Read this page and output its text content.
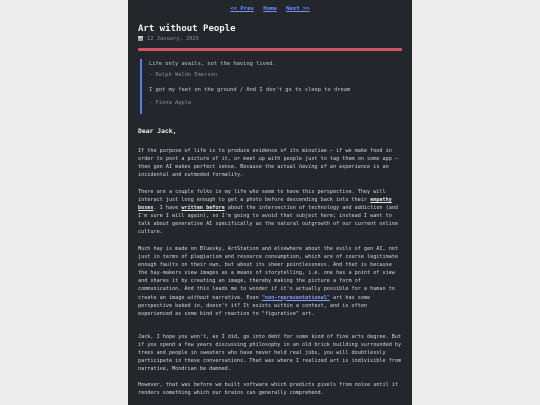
<< Prev Home Next >>
Art without People
12 January, 2025
Life only avails, not the having lived.
- Ralph Waldo Emerson
I got my feet on the ground / And I don't go to sleep to dream
- Fiona Apple
Dear Jack,

If the purpose of life is to produce evidence of its minutiae — if we make food in order to post a picture of it, or meet up with people just to tag them on some app — then gen AI makes perfect sense. Because the actual having of an experience is an incidental and outmoded formality.

There are a couple folks in my life who seem to have this perspective. They will interact just long enough to get a photo before descending back into their empathy boxes. I have written before about the intersection of technology and addiction (and I'm sure I will again), so I'm going to avoid that subject here; instead I want to talk about generative AI specifically as the natural outgrowth of our current online culture.

Much hay is made on Bluesky, ArtStation and elsewhere about the evils of gen AI, not just in terms of plagiarism and resource consumption, which are of course legitimate enough faults on their own, but about its sheer pointlessness. And that is because the hay-makers view images as a means of storytelling, i.e. one has a point of view and shares it by creating an image, thereby making the picture a form of communication. And this leads me to wonder if it's actually possible for a human to create an image without narrative. Even "non-representational" art has some perspective baked in, doesn't it? It exists within a context, and is often experienced as some kind of reaction to "figurative" art.

Jack, I hope you won't, as I did, go into debt for some kind of fine arts degree. But if you spend a few years discussing philosophy in an old brick building surrounded by trees and people in sweaters who have never held real jobs, you will doubtlessly participate in these conversations. That was where I realized art is indivisible from narrative, Mondrian be damned.

However, that was before we built software which predicts pixels from noise until it renders something which our brains can generally comprehend.
